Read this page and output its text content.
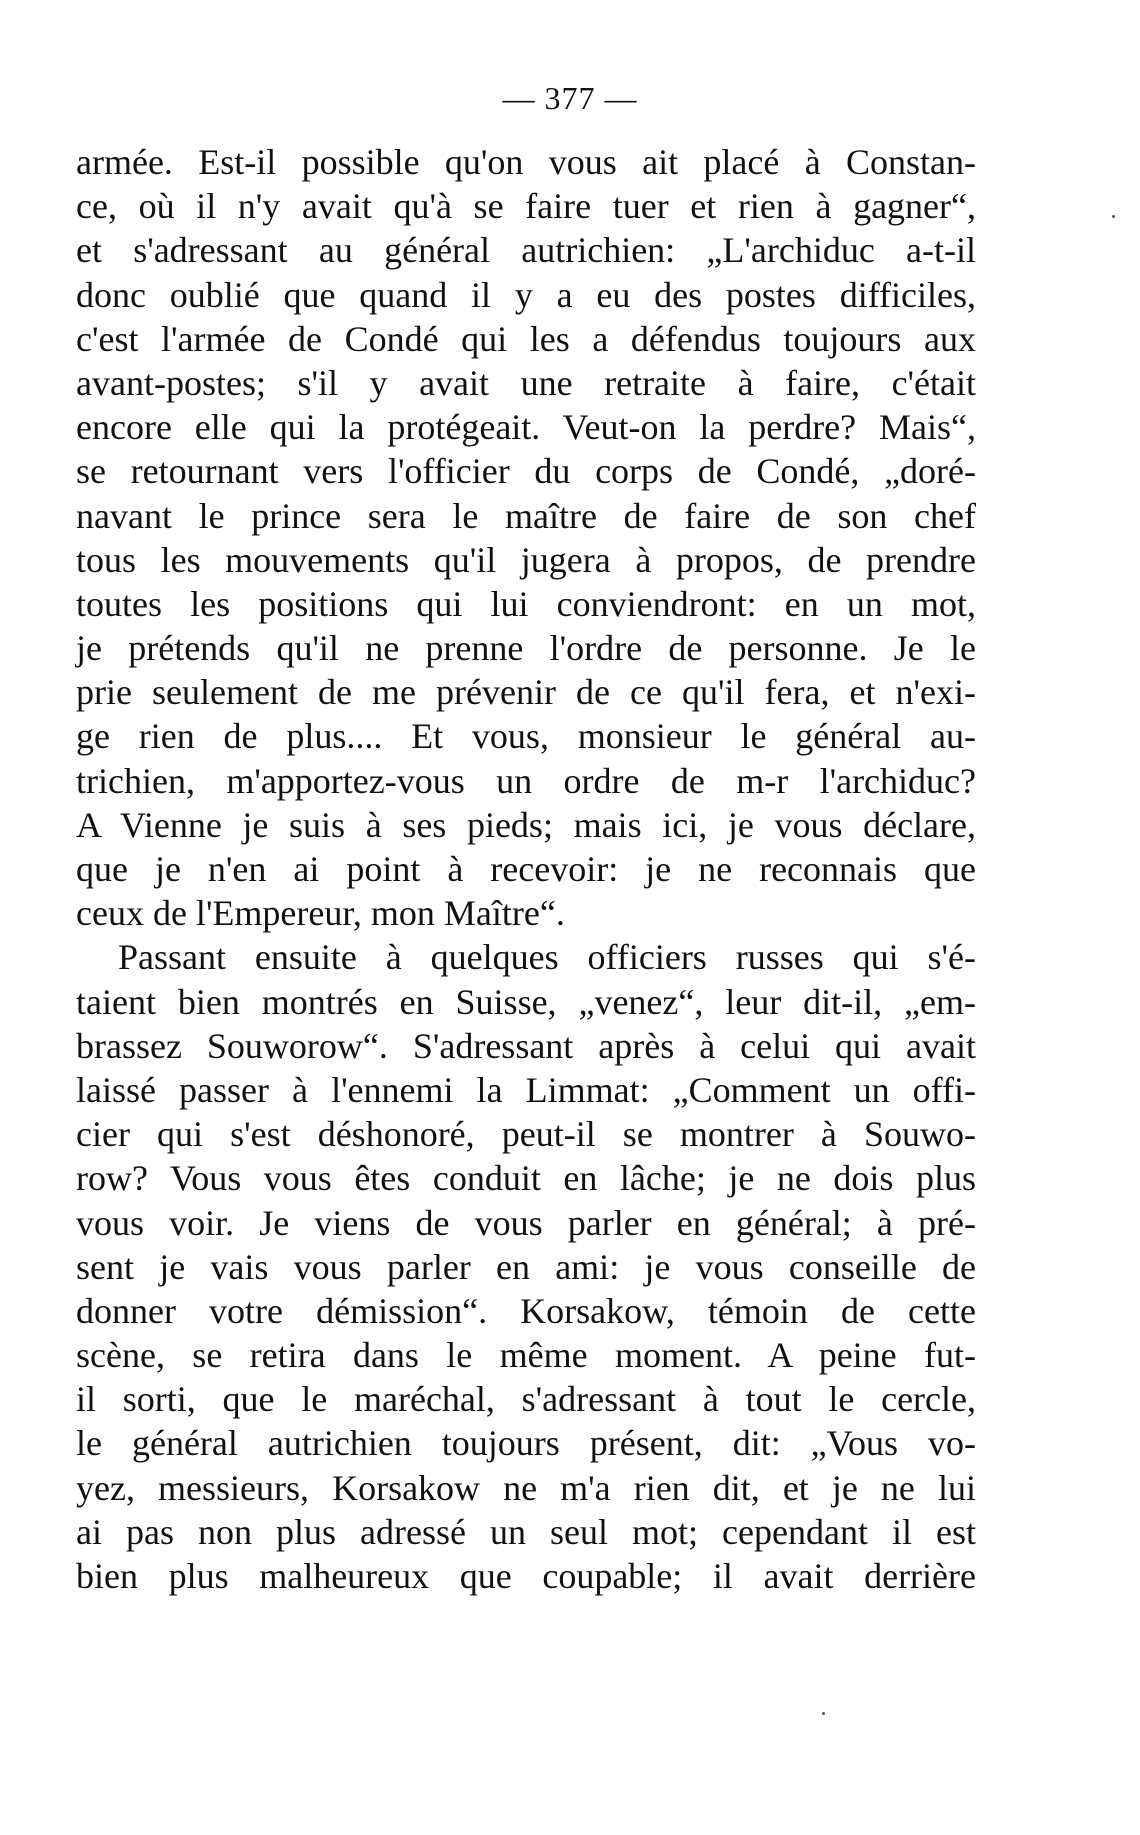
— 377 —
armée. Est-il possible qu'on vous ait placé à Constan-
ce, où il n'y avait qu'à se faire tuer et rien à gagner“,
et s'adressant au général autrichien: „L'archiduc a-t-il
donc oublié que quand il y a eu des postes difficiles,
c'est l'armée de Condé qui les a défendus toujours aux
avant-postes; s'il y avait une retraite à faire, c'était
encore elle qui la protégeait. Veut-on la perdre? Mais“,
se retournant vers l'officier du corps de Condé, „doré-
navant le prince sera le maître de faire de son chef
tous les mouvements qu'il jugera à propos, de prendre
toutes les positions qui lui conviendront: en un mot,
je prétends qu'il ne prenne l'ordre de personne. Je le
prie seulement de me prévenir de ce qu'il fera, et n'exi-
ge rien de plus.... Et vous, monsieur le général au-
trichien, m'apportez-vous un ordre de m-r l'archiduc?
A Vienne je suis à ses pieds; mais ici, je vous déclare,
que je n'en ai point à recevoir: je ne reconnais que
ceux de l'Empereur, mon Maître“.
Passant ensuite à quelques officiers russes qui s'é-
taient bien montrés en Suisse, „venez“, leur dit-il, „em-
brassez Souworow“. S'adressant après à celui qui avait
laissé passer à l'ennemi la Limmat: „Comment un offi-
cier qui s'est déshonoré, peut-il se montrer à Souwo-
row? Vous vous êtes conduit en lâche; je ne dois plus
vous voir. Je viens de vous parler en général; à pré-
sent je vais vous parler en ami: je vous conseille de
donner votre démission“. Korsakow, témoin de cette
scène, se retira dans le même moment. A peine fut-
il sorti, que le maréchal, s'adressant à tout le cercle,
le général autrichien toujours présent, dit: „Vous vo-
yez, messieurs, Korsakow ne m'a rien dit, et je ne lui
ai pas non plus adressé un seul mot; cependant il est
bien plus malheureux que coupable; il avait derrière
